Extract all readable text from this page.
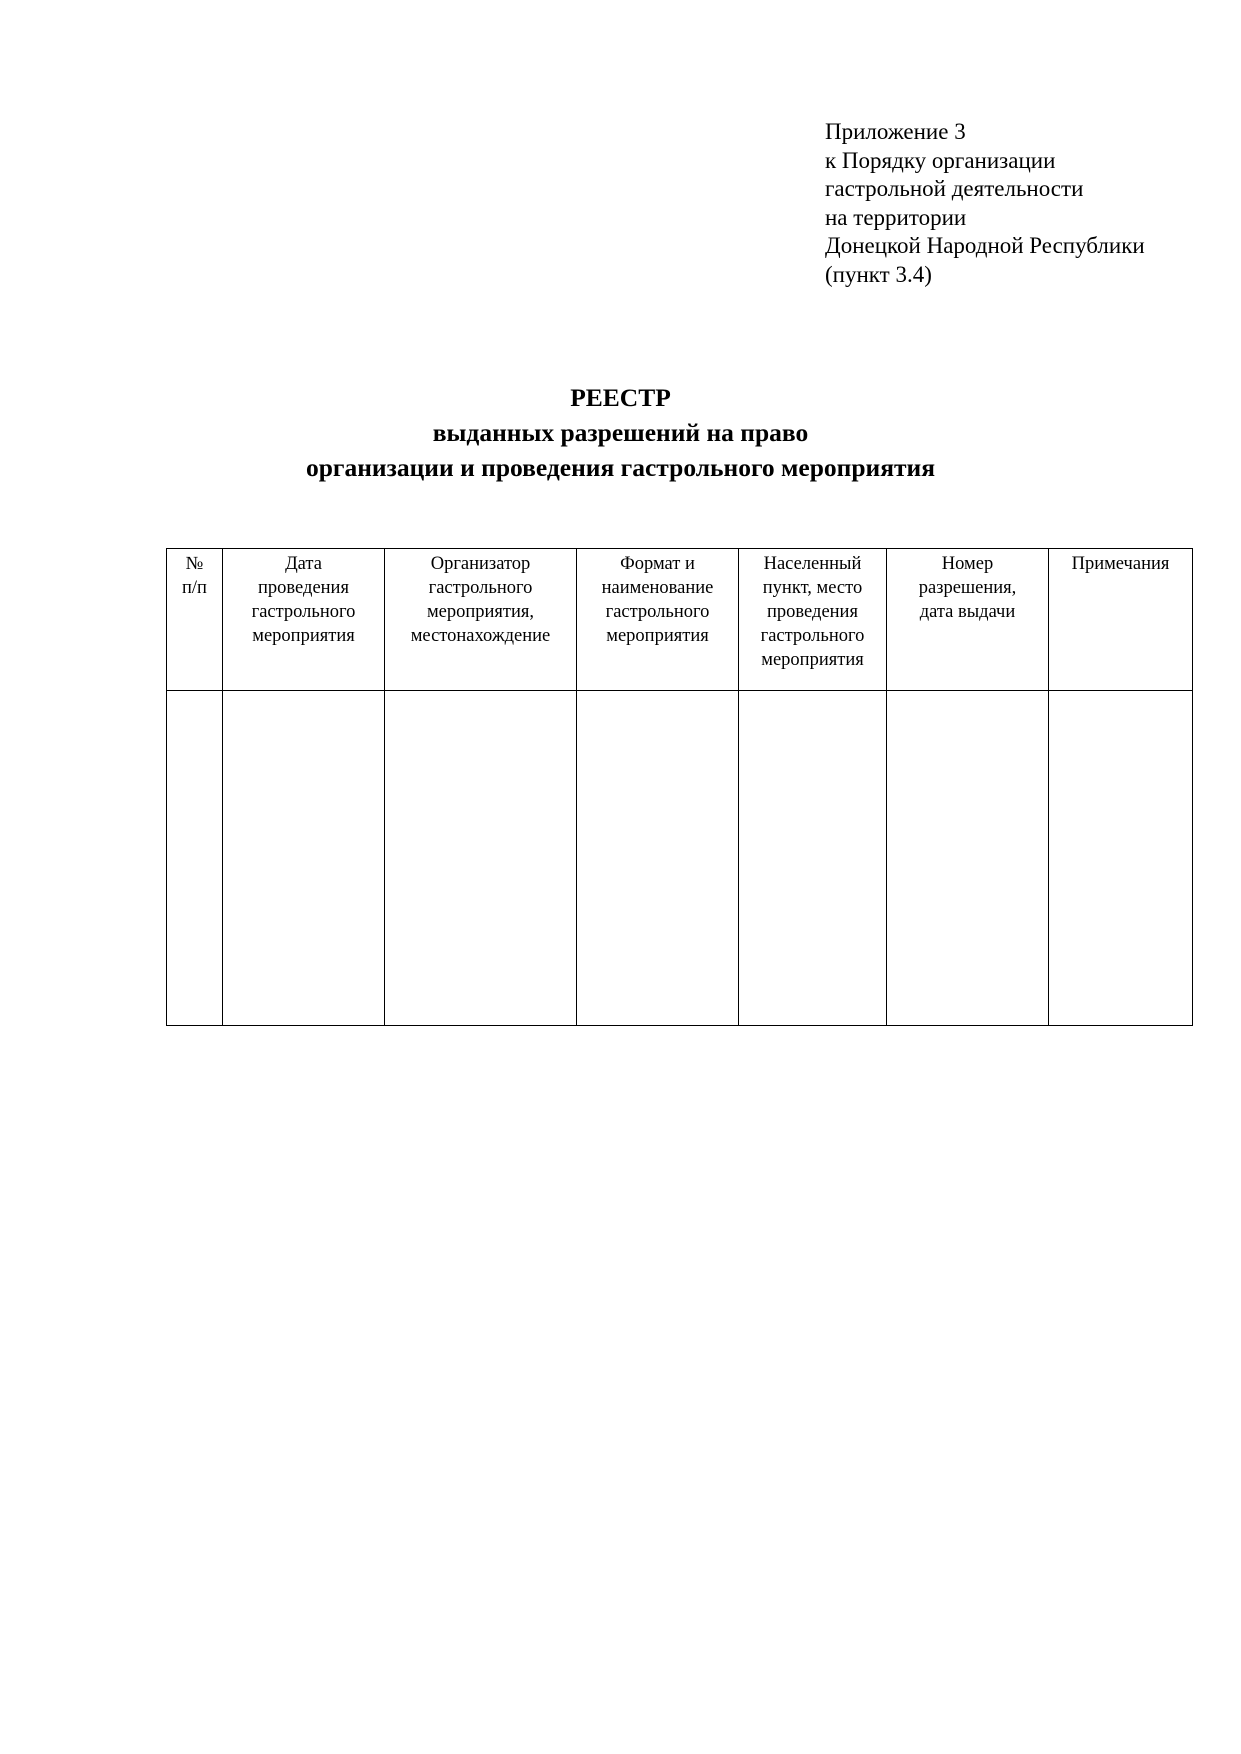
Приложение 3
к Порядку организации
гастрольной деятельности
на территории
Донецкой Народной Республики
(пункт 3.4)
РЕЕСТР
выданных разрешений на право
организации и проведения гастрольного мероприятия
№
п/п	Дата
проведения
гастрольного
мероприятия	Организатор
гастрольного
мероприятия,
местонахождение	Формат и
наименование
гастрольного
мероприятия	Населенный
пункт, место
проведения
гастрольного
мероприятия	Номер
разрешения,
дата выдачи	Примечания
